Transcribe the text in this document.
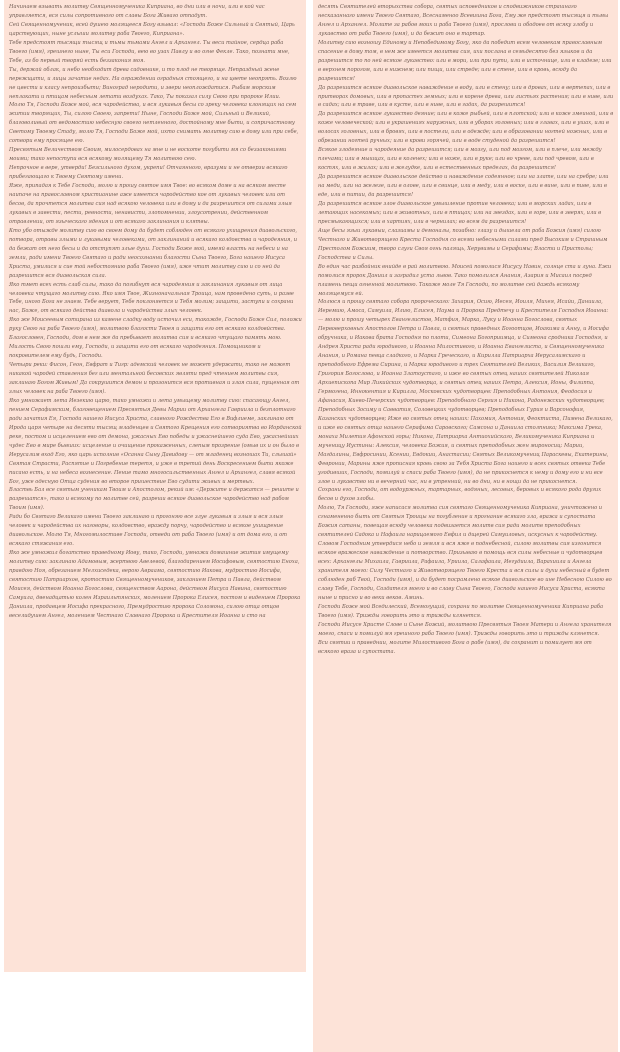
Начинаем взывать молитву Священномученика Киприана, во дни или в ночи, или в кой час управляется, вся силы сопротивного от славы Бога Живаго отпадут.

Сей Священномученик, всей душею молящееся Богу взывал: «Господи Боже Сильный и Святый, Царь царствующих, ныне услыши молитву раба Твоего, Киприана».

Тебе предстоят тысящи тысящ и тьмы тьмами Ангел и Архангел. Ты веси тайное, сердца раба Твоего (имя), грешнего ныне, Ты еси Господи, вею во узах Павлу и во огне Фекле. Тако, познати мне, Тебе, аз бо первый творяй есть беззакония моя.

Ты, держай облак, и небо необходит древа садовнике, и то плод не творяще. Непраздный жене пережщати, и лицы зачатие недах. На ограждении оградныя стоящего, и на цвете неопрять. Возлю не цвести и класу непроизбыти; Виноград неродити, и звери неоплождатися. Рыбам морским неплакати и птицам небесным летати воздухах. Тако, Ты показал силу Свою при пророке Илии.

Молю Тя, Господи Боже мой, вся чародейства, и вся лукавыя бесы со зреку человека клонящих на сем житии творящих, Ты, силою Своею, запрети! Ныне, Господи Боже мой, Сильный и Великий, благоволивый от ведомостию небесную своего нетленного, достойному мне быти, и сопричастному Светому Твоему Стаду, молю Тя, Господи Боже мой, ихто снимать молитву сию в дому или при себе, сотвори ему просящее ею.

Пресвятым Величеством Своим, милосердовах на мне и не воскоте погубити мя со беззакониями моими; тако непоступи вся всякому молящему Тя молитвою сею.

Непрочное в вере, утверди! Безсильного духом, укрепи! Отчаянного, вразуми и не отверзи всякаго прибегающаго к Твоему Святому имени.

Яже, припадая к Тебе Господи, молю и прошу святое имя Твое: во всяком доме и на всяком месте наипаче на православном христианине аже имеется чародейство кое от лукавых человек или от бесов, да прочтется молитва сия над всякою человека или в дому и да разрешится от силами злыя лукавых в завести, пести, ревности, ненависти, злопомнении, злоусотрении, действенном отравлении, от языческаго ядения и от всякаго заклинания и клятвы.

Кто убо отыжде молитву сию во своем дому да будет соблюден от всякаго ухищрения диавольского, потвора, отравы злыми и лукавыми человеками, от заклинаний и всякаго колдовства и чародеяния, и да бежат от него бесы и да отступят злые духи. Господи Боже мой, имеяй власть на небеси и на земли, ради имени Твоего Святаго и ради неосознанни благости Сына Твоего, Бога нашего Иисуса Христа, умилися и сие той небостоянию раба Твоего (имя), иже чтит молитву сию и со ней да разрешится вся диавольская сила.

Яко тмет всех есть слаб силы, тако да погибнут вся чародеяния и заклинания лукавыя от лица человека чтущаго молитву сию. Яко имя Твое, Жизноначальная Троица, нам проведено суть, и разве Тебе, иного Бога не знаем. Тебе верует, Тебе поклоняется и Тебя молим; защити, заступи и сохрани нас, Боже, от всякаго действа диавола и чародейства злых человек.

Яко же Моисеевым сотирана из камене сладку воду источил еси, такожде, Господи Боже Сил, положи руку Свою на раба Твоего (имя), молитвою благости Твоея и защити его от всякаго колдовйства.

Благословен, Господи, дом в нем же да пребывает молитва сия и всякаго чтущаго память мою. Милость Свою пошли ему, Господи, и защити его от всякаго чародеяния. Помощником и покровителем ему будь, Господи.

Четыри реки: Фисон, Геон, Евфрат и Тигр: адемский человек не может удержати, тако не может никакой чародей ставления бег или ментальной бесовских являти пред чтением молитвы сия, заклинаю Богом Живым! Да сокрушится демон и прозонится вся противная и злая сила, пущенная от злых человек на раба Твоего (имя).

Яко умножает лета Иезекию царю, тако умножи и лета умыщему молитву сию: спасающу Ангел, пением Серафимским, благовещением Пресвятыя Девы Марии от Архангела Гавриила и безплотнаго ради зачатия Ея, Господа нашего Иисуса Христа, славного Рождества Его в Вифлиеме, заклинаю от Ирода царя четыре на десяти тысящ младенцев и Святого Крещения его сотвориятва во Иорданской реке, постом и исцелением ево от демона, ужасных Ево победы и ужаснейшего суда Ево, ужаснейших чудес Ево в мире бывших: исцеление и очищение прокаженных, слепым прозрение (омыв их и он было в Иерусалим вход Его, яко царь исполнив «Осанна Сыну Давидову — от младенец возношах Ти, слышай» Святая Страсти, Распятие и Погребение теретя, и уже в третий день Воскресением быти якоже писано есть, и на небеса вознесение. Пение тамо многосильственных Ангел и Архангел, славя всякой Бог, уже одесную Отца судения во второе пришествие Ево судити живых и мертвых.

Властвь Бал все святым ученикам Твоим и Апостолом, рекий им: «Держите и держатся — решите и разрешатся», тако и всякому по молитве сей, разреши всякое диавольское чародейство над рабом Твоим (имя).

Ради бо Святаго Великаго имени Твоего заклинаю и прогоняю все злуе лукавыя и злыя и вся злыя человек и чародейства их наговоры, колдовство, вражду порчу, чародейство и всякое ухищрение диавольское. Молю Тя, Многомилостиве Господи, отведи от раба Твоего (имя) и от дома его, и от всякаго стяжания его.

Яко же умножил богатство праведному Иову, тако, Господи, умножи домашние жития имущему молитву сию: заклинаю Адамовым, жертвою Авелевой, благодарением Иосифовым, святостию Еноха, правдою Ноя, обрезанием Мелхиседека, верою Авраама, святостию Иакова, мудростию Иосифа, святостию Патриархов, кротостию Священномучеников, закланием Петра и Павла, действом Моисея, действом Иоанна Богослова, священством Аарона, действом Иисуса Навина, святостию Самуила, двенадцатью колен Израильтянских, молением Пророка Елисея, постом и видением Пророка Даниила, продавцем Иосифа прекрасного, Премудростию пророка Соломона, силою отца отцов веселидушем Ангел, молением Честнаго Славнаго Пророка и Крестителя Иоанна и сто на

десять Святителей вторыхства собора, святых исповедников и сподвижников страшнаго несказаннаго имени Твоего Святаго, Всеснаменоо Всевишна Бога, Ему же предстоят тысящя и тьмы Ангел и Архангел. Молите за рабов моих и раба Твоего (имя), прослови и ободоев от всяку злобу и лукавство от раба Твоего (имя), и да бежит оно в тартар.

Молитву сию возношу Единому и Непобедимому Богу, яко да победит всем человекам православным спасение в дому том, в нем же имеется молитва сия, ихи послана в семьдесятю без языков и да разрешится то по ней всякое лукавство: или в мори, или при пути, или в источнице, или в кладезе; или в верхнем порогом, или в нижнем; или пищи, или стреде; или в стене, или в кровь, всюду да разрешится!

Да разрешится всякое диавольское наваждение в воду, или в стену; или в дровах, или в вертепах, или в притворах домовых, или в пропастех земных; или в корене древа, или листьях растения; или в ниве, или в садах; или в траве, или в кусте, или в ниве, или в гадах, да разрешится!

Да разрешится всякое лукавство деяние; или в коже рыбьей, или в плотской; или в коже змеиной, или в коже человеческой; или в украшениях наружных, или в уборах головных; или в главах, или в ушах, или в волосах головных, или в бровях, или в постели, или в одежде; или в образовании ногтей ножных, или в обрезании ногтей ручных; или в крови горячей, или в воде студеной да разрешится!

Всякое злодеяние и чародеяние да разрешится; или в мозгу, или под мозгом, или в плече, или между плечами; или в мышцах, или в коленех; или в ноже, или в руке; или во чреве, или под чревом, или в костях, или в жилах; или в желудке, или в естественных пределах, да разрешится!

Да разрешится всякое диавольское действо и наваждение содеянное; или на злате, или на сребре; или на меди, или на железе, или в олове, или в свинце, или в меду, или в воске, или в вине, или в пиве, или в еде, или в питии, да разрешится!

Да разрешится всякое злое диавольское умышление против человека; или в морских ладах, или в летающих насекомых; или в животных, или в птицах; или на звездах, или в горе, или в зверях, или в пресмыкающихся; или в хартиях, или в чернилах; во всем да разрешится!

Аще бесы языи лукавыи, слазиамы и демоналы, позабно: глазу и дышела от раба Божия (имя) силою Честнаго и Животворящего Креста Господня со всеми небесными силами пред Высоким и Страшным Престолом Божиим, творо слуги Своя огнь палящь, Херувимы и Серафимы; Власти и Пристолы; Господства и Силы.

Во един час разбойник внийде в рай молитвою. Моисей помолися Иисусу Навин, солнце ста и луна. Ежи помолися пророк Даниил и заградил уста львов. Тако помолился Анания, Азария и Мисаил посред пламень пещи огненной молитвою. Такоже моле Тя Господи, по молитве сей даждь всякому молящемуся ей.

Молюся и прошу святаго собора пророческаго: Захария, Осию, Иесея, Иоиля, Михея, Исайи, Даниила, Иеремию, Амоса, Самуила, Илию, Елисея, Наума и Пророка Предтечу и Крестителя Господня Иоанна: — молю и прошу четырех Евангелистов, Матфия, Марка, Луку и Иоанна Богослова, святых Первоверховных Апостолов Петра и Павла, и святых праведных Богоотцов, Иоакима и Анну, и Иосифа обручника, и Иакова брата Господня по плоти, Симеона Богоприимца, и Симеона сродника Господня, и Андрея Христа ради юродивого, и Иоанна Милостивого, и Иоанна Евангелиста, и Священномученика Анания, и Романа певца сладкого, и Марка Греческаго, и Кирилла Патриарха Иерусалимскаго и преподобного Ефрема Сирина, и Марка юродивого и трех Святителей Великих, Василия Великаго, Григория Богослова, и Иоанна Златоустаго, и иже во святых отец наших святителей Николая Архиепископа Мир Ликийских чудотворца, и святых отец наших Петра, Алексия, Ионы, Филиппа, Гермогена, Иннокентия и Кирилла, Московских чудотворцев: Преподобных Антония, Феодосия и Афанасия, Киево-Печерских чудотворцев: Преподобнаго Сергия и Никона, Радонежских чудотворцев; Преподобных Зосиму и Савватия, Соловецких чудотворцев; Преподобных Гурия и Варсонофия, Казанских чудотворцев; Иже во святых отец наших: Пахомия, Антония, Феоктиста, Пимена Великаго, и иже во святых отца нашего Серафима Саровского; Самсона и Даниила столпника; Максима Грека, монаха Милетия Афонской горы; Никона, Патриарха Антиохийскаго, Великомученика Киприана и мученицу Иустины: Алексия, человека Божия, и святых преподобных жен мироносиц: Марии, Магдалины, Евфросинии, Ксении, Евдокии, Анастасии; Святых Великомучениц Параскевы, Екатерины, Февронии, Марины яже прописная кровь свою за Тебя Христа Бога нашего и всех святых отвека Тебе угодивших, Господи, помилуй и спаси раба Твоего (имя), да не прикоснется к нему и дому его и ни все злое и лукавство ни в вечерний час, ни в утренний, ни во дни, ни в нощи да не прикоснется.

Сохрани его, Господи, от водоуржных, тартарных, водяных, лесовых, беровых и всякого рода других бесов и духов злобы.

Молю, Тя Господи, яже написася молитва сия святаго Священномученика Киприана, уничтожено и сгнамененно быть от Святыя Троицы на погубление и прогнание всякаго зла, вража и супостата Божия сатаны, повещая всюду человека подвизается молитв сия ради молитв преподобных святителей Садока и Нафаила нарицаемого Евфил и дщерей Самуиловых, искусных к чародейству.

Словом Господним утвердися небо и земля и вся яже в поднебесной, силою молитвы сия изгонится всякое вражеское наваждение и потворство. Призываю в помощь вся силы небесные и чудотворцев всех: Архангелы Михаила, Гавриила, Рафаила, Уриила, Салафаила, Иегудиила, Варахиила и Ангела хранителя моего: Силу Честнаго и Животворящего Твоего Креста и вся силы и духи небесный в будет соблюден раб Твой, Господи (имя), и да будет посрамлено всякое диавольское во ине Небесною Силою во славу Тебе, Господи, Создателя моего и во славу Сына Твоего, Господа нашего Иисуса Христа, всякта ныне и присно и во веки веков. Аминь.

Господи Боже мой Вседилеский, Всемогущий, сохрани по молитве Священномученика Киприана раба Твоего (имя). Трижды говорить это и трижды клянется.

Господи Иисусе Христе Слове и Сыне Божий, молитвою Пресвятыя Твоея Матери и Ангела хранителя моего, спаси и помилуй мя грешного раба Твоего (имя). Трижды говорить это и трижды клянется.

Вси святии и праведнии, молите Милостивого Бога о рабе (имя), да сохранит и помилует мя от всякого враза и супостата.
